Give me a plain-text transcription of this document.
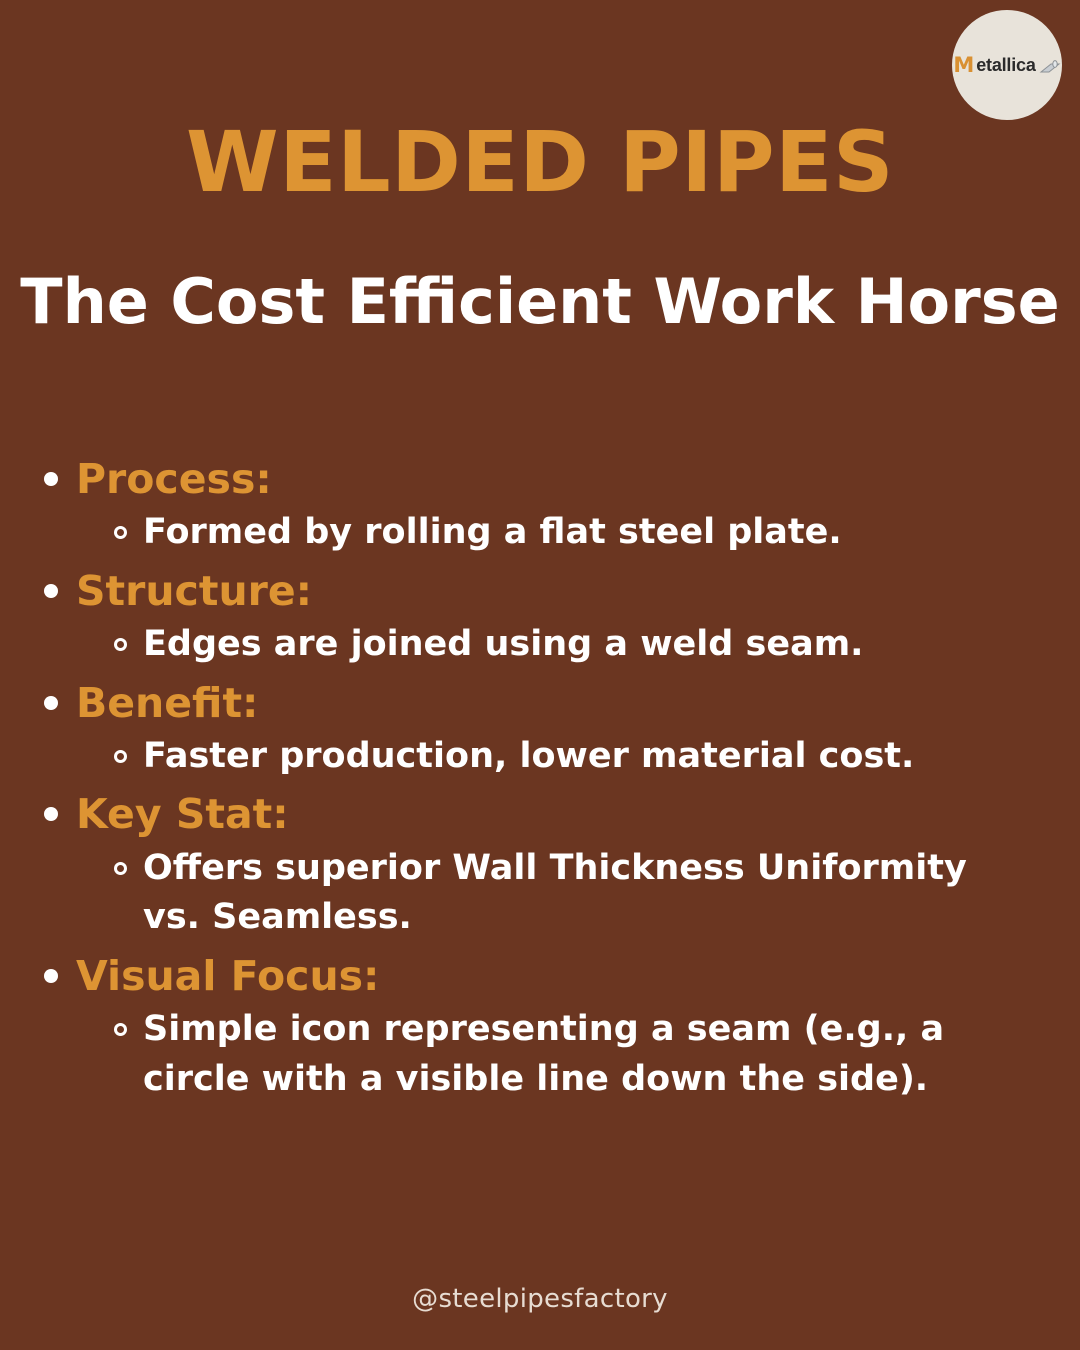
M etallica
WELDED PIPES
The Cost Efficient Work Horse
Process:
Formed by rolling a flat steel plate.
Structure:
Edges are joined using a weld seam.
Benefit:
Faster production, lower material cost.
Key Stat:
Offers superior Wall Thickness Uniformity vs. Seamless.
Visual Focus:
Simple icon representing a seam (e.g., a circle with a visible line down the side).
@steelpipesfactory
